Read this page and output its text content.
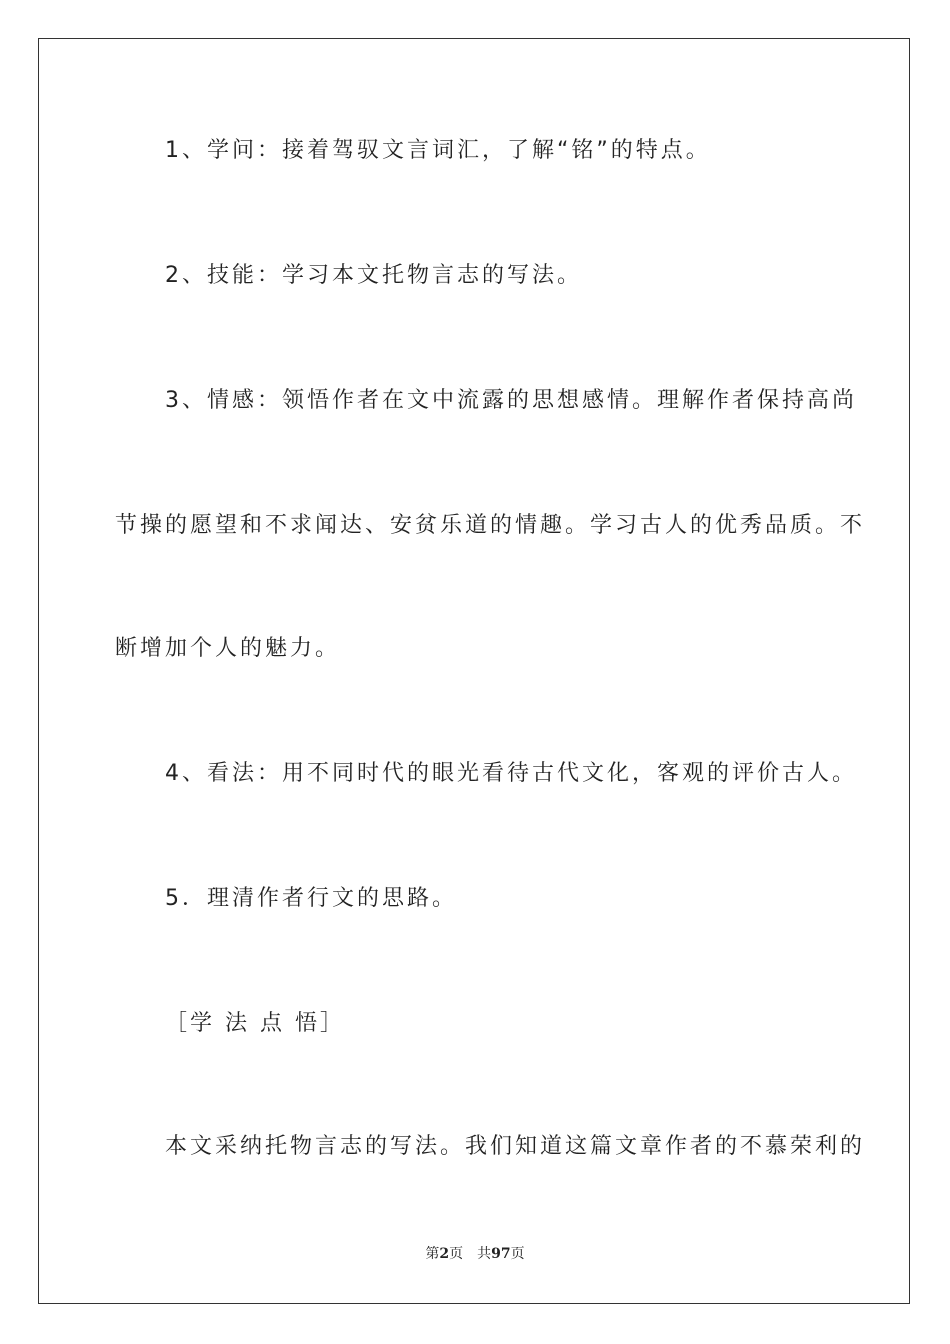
1、学问：接着驾驭文言词汇，了解“铭”的特点。
2、技能：学习本文托物言志的写法。
3、情感：领悟作者在文中流露的思想感情。理解作者保持高尚
节操的愿望和不求闻达、安贫乐道的情趣。学习古人的优秀品质。不
断增加个人的魅力。
4、看法：用不同时代的眼光看待古代文化，客观的评价古人。
5．理清作者行文的思路。
［学 法 点 悟］
本文采纳托物言志的写法。我们知道这篇文章作者的不慕荣利的
第2页 共97页
